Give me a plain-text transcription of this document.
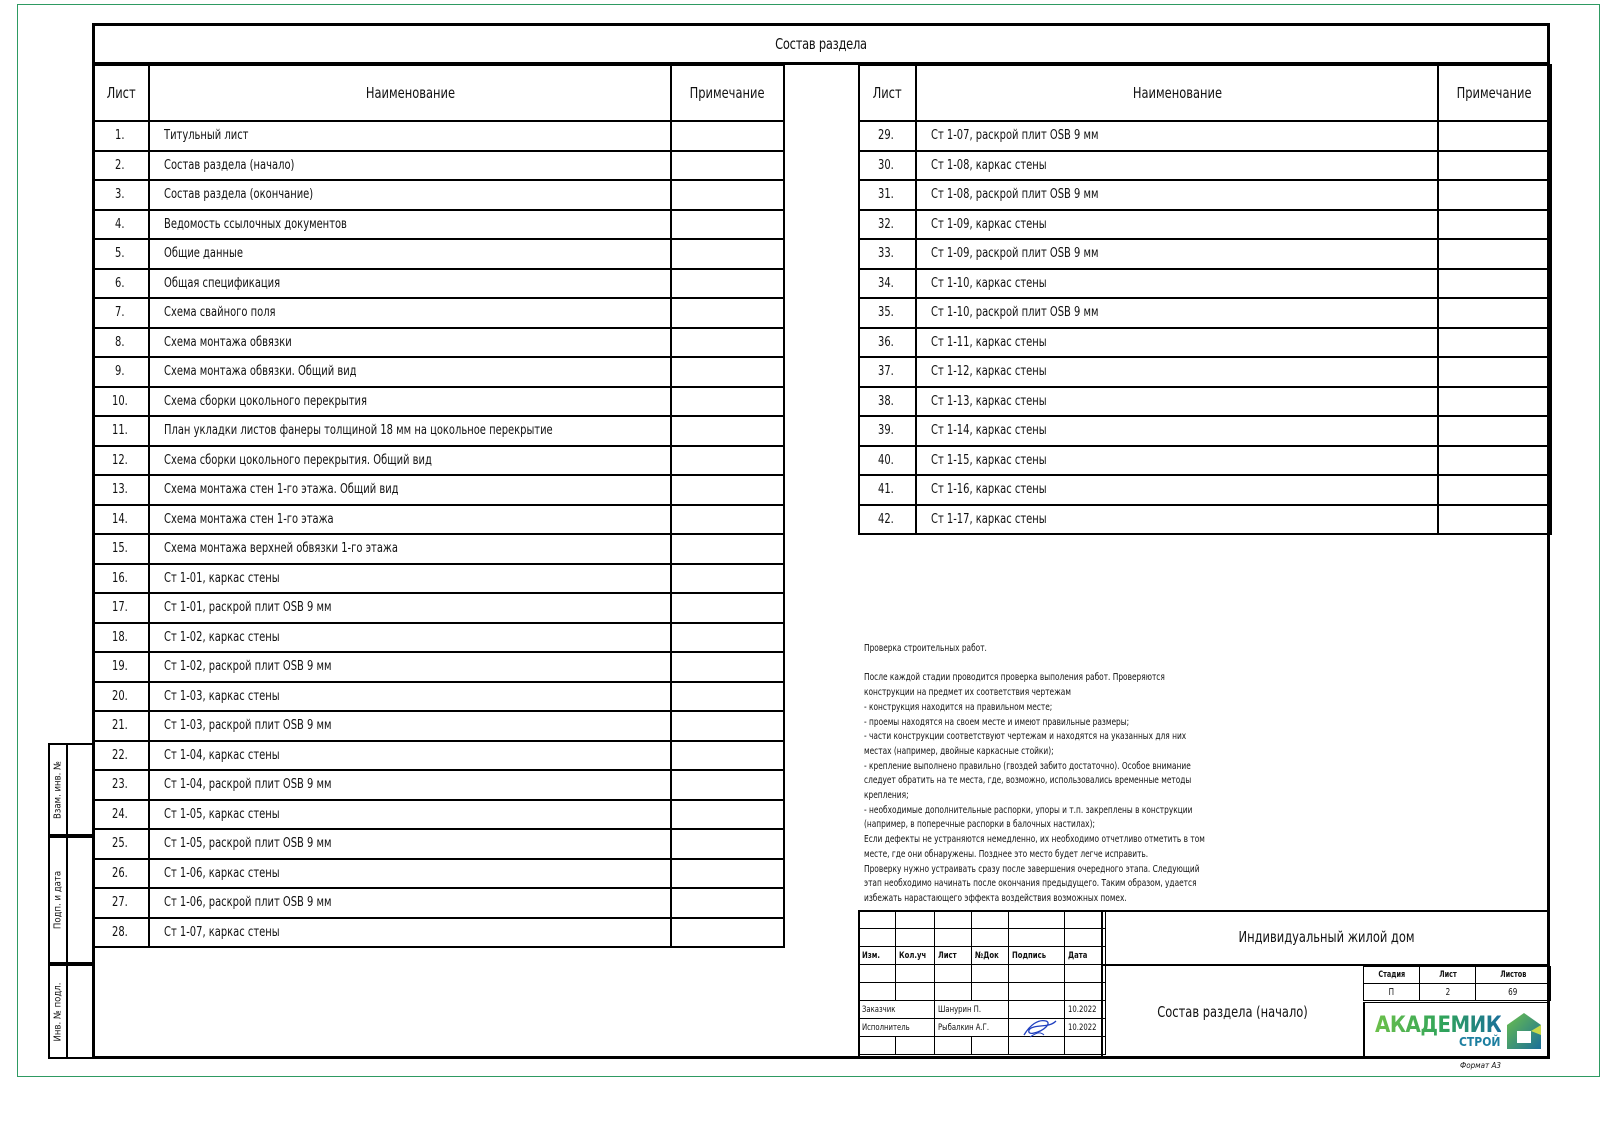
Состав раздела
Лист	Наименование	Примечание
1.	Титульный лист	
2.	Состав раздела (начало)	
3.	Состав раздела (окончание)	
4.	Ведомость ссылочных документов	
5.	Общие данные	
6.	Общая спецификация	
7.	Схема свайного поля	
8.	Схема монтажа обвязки	
9.	Схема монтажа обвязки. Общий вид	
10.	Схема сборки цокольного перекрытия	
11.	План укладки листов фанеры толщиной 18 мм на цокольное перекрытие	
12.	Схема сборки цокольного перекрытия. Общий вид	
13.	Схема монтажа стен 1-го этажа. Общий вид	
14.	Схема монтажа стен 1-го этажа	
15.	Схема монтажа верхней обвязки 1-го этажа	
16.	Ст 1-01, каркас стены	
17.	Ст 1-01, раскрой плит OSB 9 мм	
18.	Ст 1-02, каркас стены	
19.	Ст 1-02, раскрой плит OSB 9 мм	
20.	Ст 1-03, каркас стены	
21.	Ст 1-03, раскрой плит OSB 9 мм	
22.	Ст 1-04, каркас стены	
23.	Ст 1-04, раскрой плит OSB 9 мм	
24.	Ст 1-05, каркас стены	
25.	Ст 1-05, раскрой плит OSB 9 мм	
26.	Ст 1-06, каркас стены	
27.	Ст 1-06, раскрой плит OSB 9 мм	
28.	Ст 1-07, каркас стены	
Лист	Наименование	Примечание
29.	Ст 1-07, раскрой плит OSB 9 мм	
30.	Ст 1-08, каркас стены	
31.	Ст 1-08, раскрой плит OSB 9 мм	
32.	Ст 1-09, каркас стены	
33.	Ст 1-09, раскрой плит OSB 9 мм	
34.	Ст 1-10, каркас стены	
35.	Ст 1-10, раскрой плит OSB 9 мм	
36.	Ст 1-11, каркас стены	
37.	Ст 1-12, каркас стены	
38.	Ст 1-13, каркас стены	
39.	Ст 1-14, каркас стены	
40.	Ст 1-15, каркас стены	
41.	Ст 1-16, каркас стены	
42.	Ст 1-17, каркас стены	
Проверка строительных работ.
После каждой стадии проводится проверка выполения работ. Проверяются
конструкции на предмет их соответствия чертежам
- конструкция находится на правильном месте;
- проемы находятся на своем месте и имеют правильные размеры;
- части конструкции соответствуют чертежам и находятся на указанных для них
местах (например, двойные каркасные стойки);
- крепление выполнено правильно (гвоздей забито достаточно). Особое внимание
следует обратить на те места, где, возможно, использовались временные методы
крепления;
- необходимые дополнительные распорки, упоры и т.п. закреплены в конструкции
(например, в поперечные распорки в балочных настилах);
Если дефекты не устраняются немедленно, их необходимо отчетливо отметить в том
месте, где они обнаружены. Позднее это место будет легче исправить.
Проверку нужно устраивать сразу после завершения очередного этапа. Следующий
этап необходимо начинать после окончания предыдущего. Таким образом, удается
избежать нарастающего эффекта воздействия возможных помех.
Взам. инв. №
Подп. и дата
Инв. № подл.

Изм.	Кол.уч	Лист	№Док	Подпись	Дата

Заказчик		Шанурин П.			10.2022
Исполнитель		Рыбалкин А.Г.			10.2022

Индивидуальный жилой дом
Состав раздела (начало)
Стадия	Лист	Листов
П	2	69
АКАДЕМИК
СТРОЙ
Формат А3
